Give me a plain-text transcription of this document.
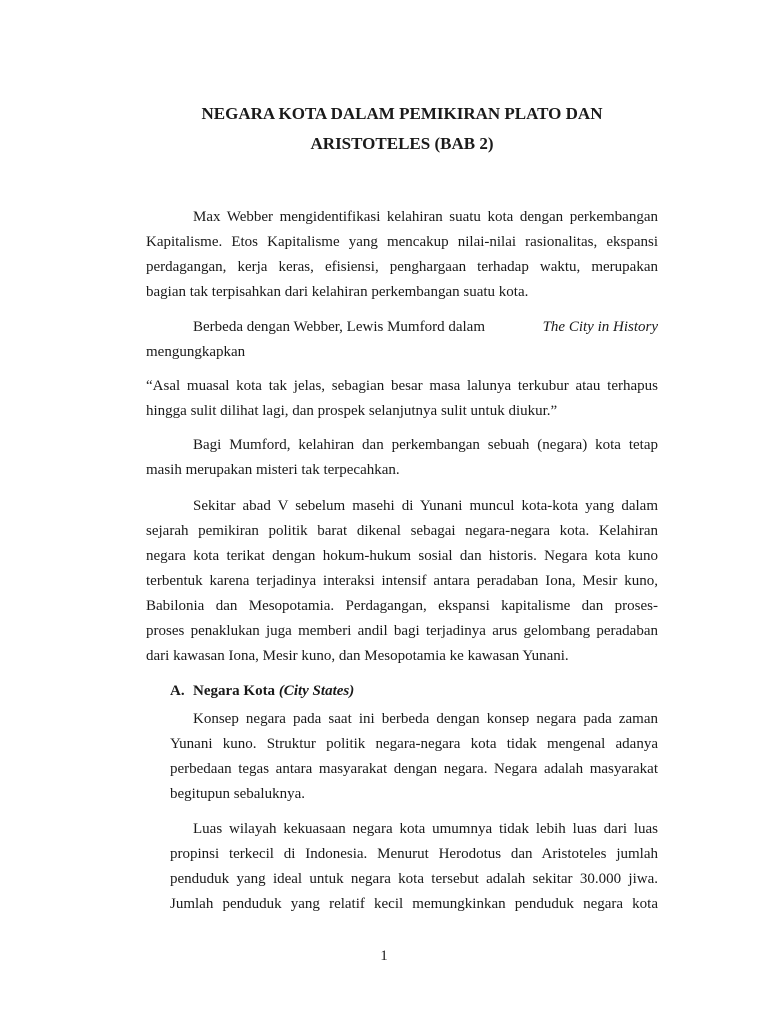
NEGARA KOTA DALAM PEMIKIRAN PLATO DAN
ARISTOTELES (BAB 2)
Max Webber mengidentifikasi kelahiran suatu kota dengan perkembangan
Kapitalisme. Etos Kapitalisme yang mencakup nilai-nilai rasionalitas, ekspansi
perdagangan, kerja keras, efisiensi, penghargaan terhadap waktu, merupakan
bagian tak terpisahkan dari kelahiran perkembangan suatu kota.
Berbeda dengan Webber, Lewis Mumford dalam	The City in History
mengungkapkan
“Asal muasal kota tak jelas, sebagian besar masa lalunya terkubur atau terhapus
hingga sulit dilihat lagi, dan prospek selanjutnya sulit untuk diukur.”
Bagi Mumford, kelahiran dan perkembangan sebuah (negara) kota tetap
masih merupakan misteri tak terpecahkan.
Sekitar abad V sebelum masehi di Yunani muncul kota-kota yang dalam
sejarah pemikiran politik barat dikenal sebagai negara-negara kota. Kelahiran
negara kota terikat dengan hokum-hukum sosial dan historis. Negara kota kuno
terbentuk karena terjadinya interaksi intensif antara peradaban Iona, Mesir kuno,
Babilonia dan Mesopotamia. Perdagangan, ekspansi kapitalisme dan proses-
proses penaklukan juga memberi andil bagi terjadinya arus gelombang peradaban
dari kawasan Iona, Mesir kuno, dan Mesopotamia ke kawasan Yunani.
A. Negara Kota (City States)
Konsep negara pada saat ini berbeda dengan konsep negara pada zaman
Yunani kuno. Struktur politik negara-negara kota tidak mengenal adanya
perbedaan tegas antara masyarakat dengan negara. Negara adalah masyarakat
begitupun sebaluknya.
Luas wilayah kekuasaan negara kota umumnya tidak lebih luas dari luas
propinsi terkecil di Indonesia. Menurut Herodotus dan Aristoteles jumlah
penduduk yang ideal untuk negara kota tersebut adalah sekitar 30.000 jiwa.
Jumlah penduduk yang relatif kecil memungkinkan penduduk negara kota
1
